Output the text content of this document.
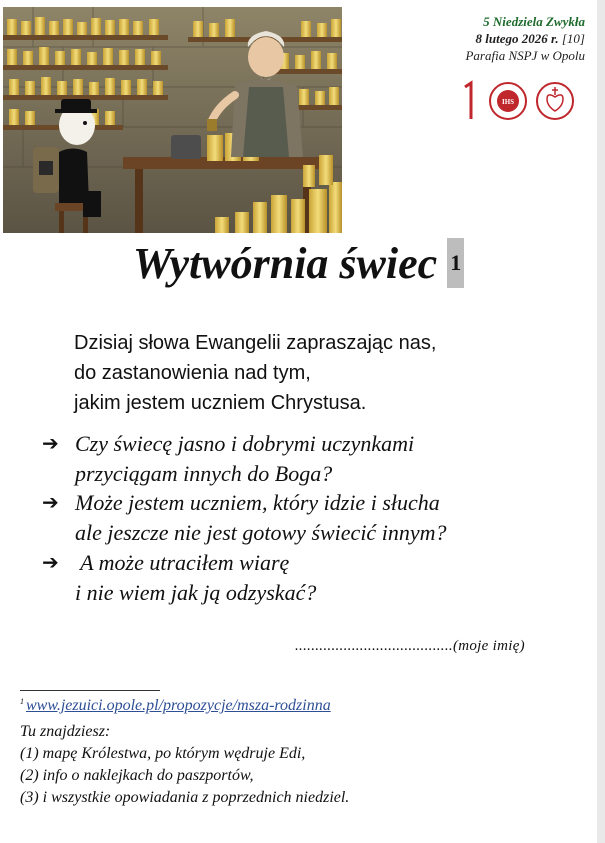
5 Niedziela Zwykła
8 lutego 2026 r. [10]
Parafia NSPJ w Opolu
IHS
Wytwórnia świec 1
Dzisiaj słowa Ewangelii zapraszając nas,
do zastanowienia nad tym,
jakim jestem uczniem Chrystusa.
➔ Czy świecę jasno i dobrymi uczynkami
przyciągam innych do Boga?
➔ Może jestem uczniem, który idzie i słucha
ale jeszcze nie jest gotowy świecić innym?
➔ A może utraciłem wiarę
i nie wiem jak ją odzyskać?
.......................................(moje imię)
$^1$ www.jezuici.opole.pl/propozycje/msza-rodzinna
Tu znajdziesz:
(1) mapę Królestwa, po którym wędruje Edi,
(2) info o naklejkach do paszportów,
(3) i wszystkie opowiadania z poprzednich niedziel.
